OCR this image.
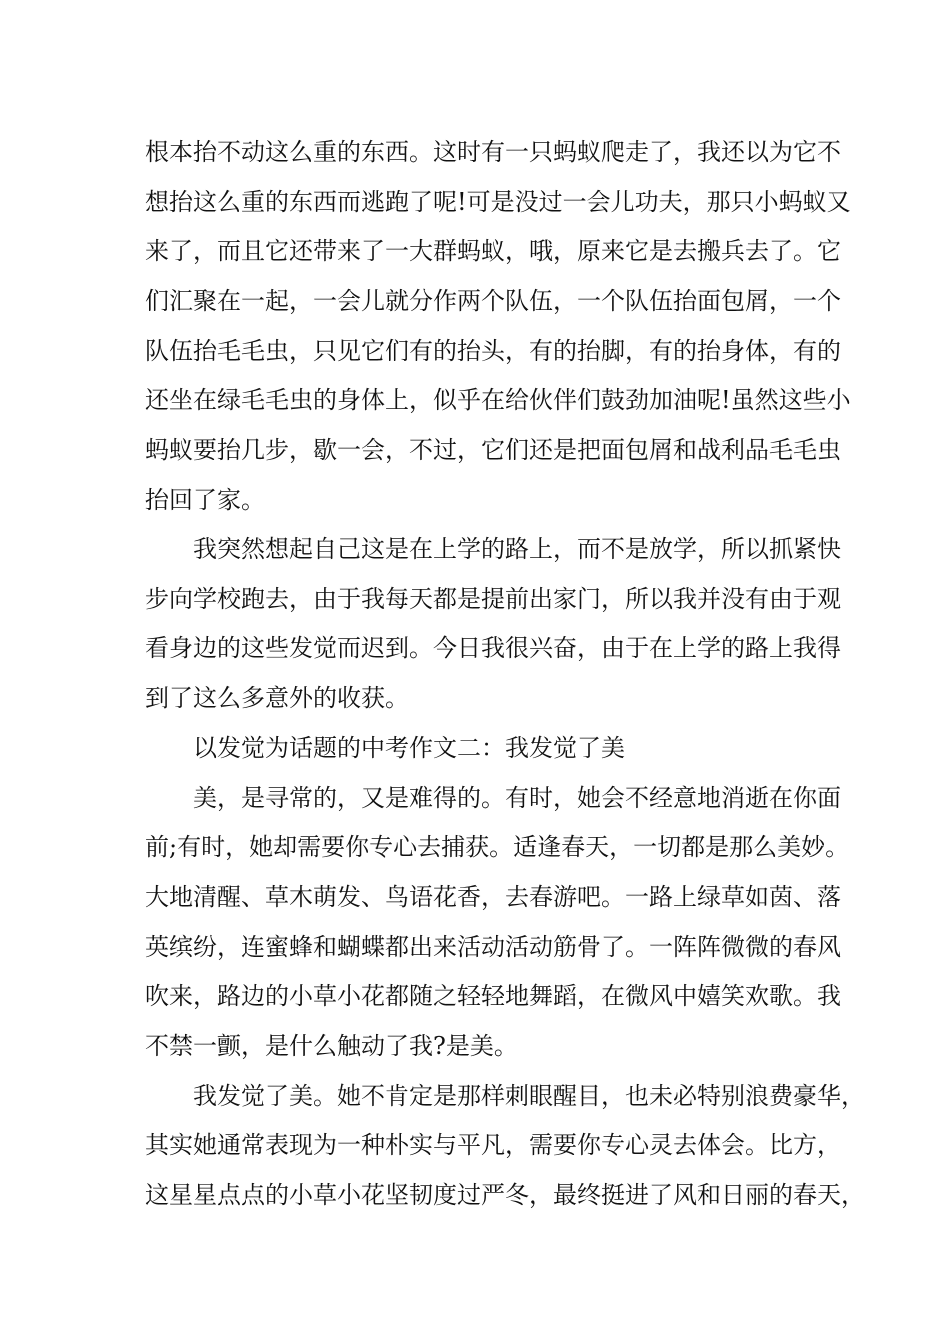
根本抬不动这么重的东西。这时有一只蚂蚁爬走了，我还以为它不

想抬这么重的东西而逃跑了呢!可是没过一会儿功夫，那只小蚂蚁又

来了，而且它还带来了一大群蚂蚁，哦，原来它是去搬兵去了。它

们汇聚在一起，一会儿就分作两个队伍，一个队伍抬面包屑，一个

队伍抬毛毛虫，只见它们有的抬头，有的抬脚，有的抬身体，有的

还坐在绿毛毛虫的身体上，似乎在给伙伴们鼓劲加油呢!虽然这些小

蚂蚁要抬几步，歇一会，不过，它们还是把面包屑和战利品毛毛虫

抬回了家。

我突然想起自己这是在上学的路上，而不是放学，所以抓紧快

步向学校跑去，由于我每天都是提前出家门，所以我并没有由于观

看身边的这些发觉而迟到。今日我很兴奋，由于在上学的路上我得

到了这么多意外的收获。

以发觉为话题的中考作文二：我发觉了美

美，是寻常的，又是难得的。有时，她会不经意地消逝在你面

前;有时，她却需要你专心去捕获。适逢春天，一切都是那么美妙。

大地清醒、草木萌发、鸟语花香，去春游吧。一路上绿草如茵、落

英缤纷，连蜜蜂和蝴蝶都出来活动活动筋骨了。一阵阵微微的春风

吹来，路边的小草小花都随之轻轻地舞蹈，在微风中嬉笑欢歌。我

不禁一颤，是什么触动了我?是美。

我发觉了美。她不肯定是那样刺眼醒目，也未必特别浪费豪华，

其实她通常表现为一种朴实与平凡，需要你专心灵去体会。比方，

这星星点点的小草小花坚韧度过严冬，最终挺进了风和日丽的春天，
